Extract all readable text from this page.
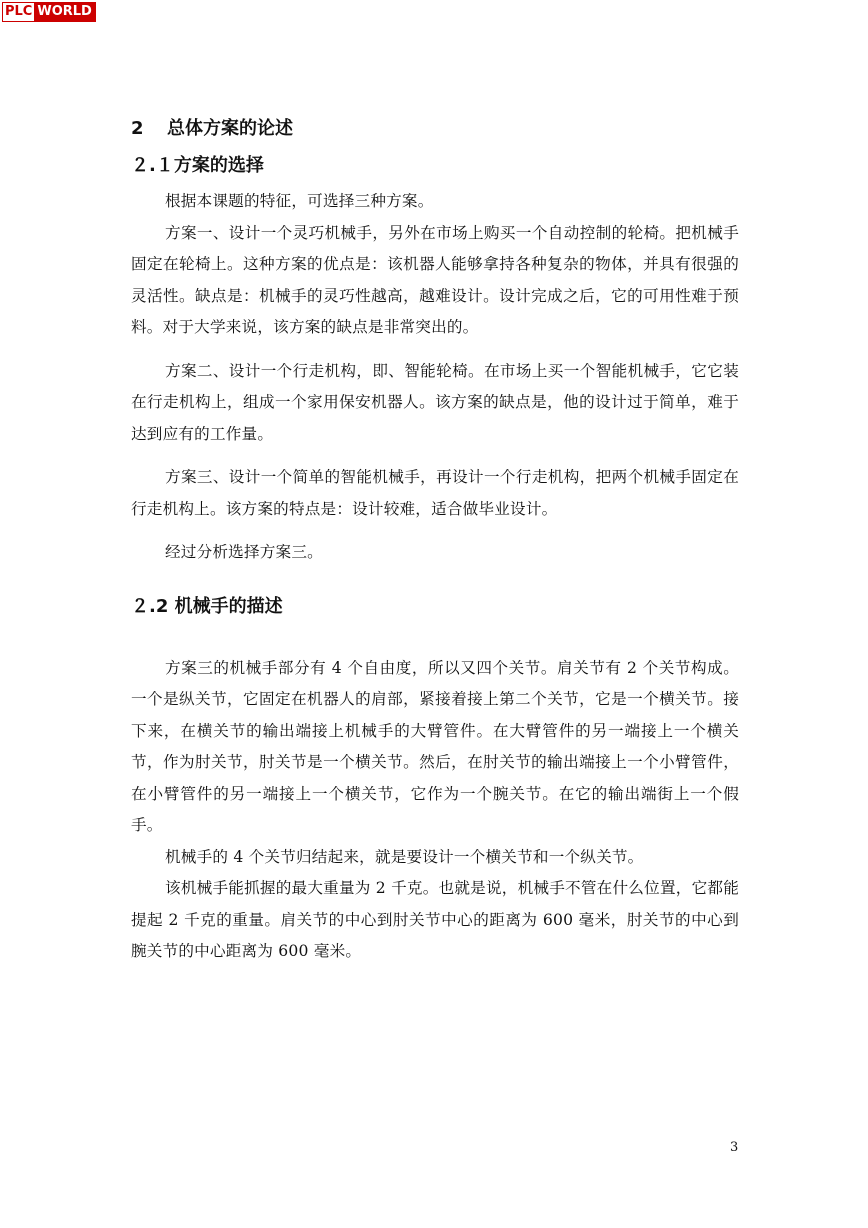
PLC WORLD
2 总体方案的论述
２.１方案的选择

根据本课题的特征，可选择三种方案。

方案一、设计一个灵巧机械手，另外在市场上购买一个自动控制的轮椅。把机械手固定在轮椅上。这种方案的优点是：该机器人能够拿持各种复杂的物体，并具有很强的灵活性。缺点是：机械手的灵巧性越高，越难设计。设计完成之后，它的可用性难于预料。对于大学来说，该方案的缺点是非常突出的。

方案二、设计一个行走机构，即、智能轮椅。在市场上买一个智能机械手，它它装在行走机构上，组成一个家用保安机器人。该方案的缺点是，他的设计过于简单，难于达到应有的工作量。

方案三、设计一个简单的智能机械手，再设计一个行走机构，把两个机械手固定在行走机构上。该方案的特点是：设计较难，适合做毕业设计。

经过分析选择方案三。

２.2 机械手的描述

方案三的机械手部分有 4 个自由度，所以又四个关节。肩关节有 2 个关节构成。一个是纵关节，它固定在机器人的肩部，紧接着接上第二个关节，它是一个横关节。接下来，在横关节的输出端接上机械手的大臂管件。在大臂管件的另一端接上一个横关节，作为肘关节，肘关节是一个横关节。然后，在肘关节的输出端接上一个小臂管件，在小臂管件的另一端接上一个横关节，它作为一个腕关节。在它的输出端街上一个假手。

机械手的 4 个关节归结起来，就是要设计一个横关节和一个纵关节。

该机械手能抓握的最大重量为 2 千克。也就是说，机械手不管在什么位置，它都能提起 2 千克的重量。肩关节的中心到肘关节中心的距离为 600 毫米，肘关节的中心到腕关节的中心距离为 600 毫米。

3
